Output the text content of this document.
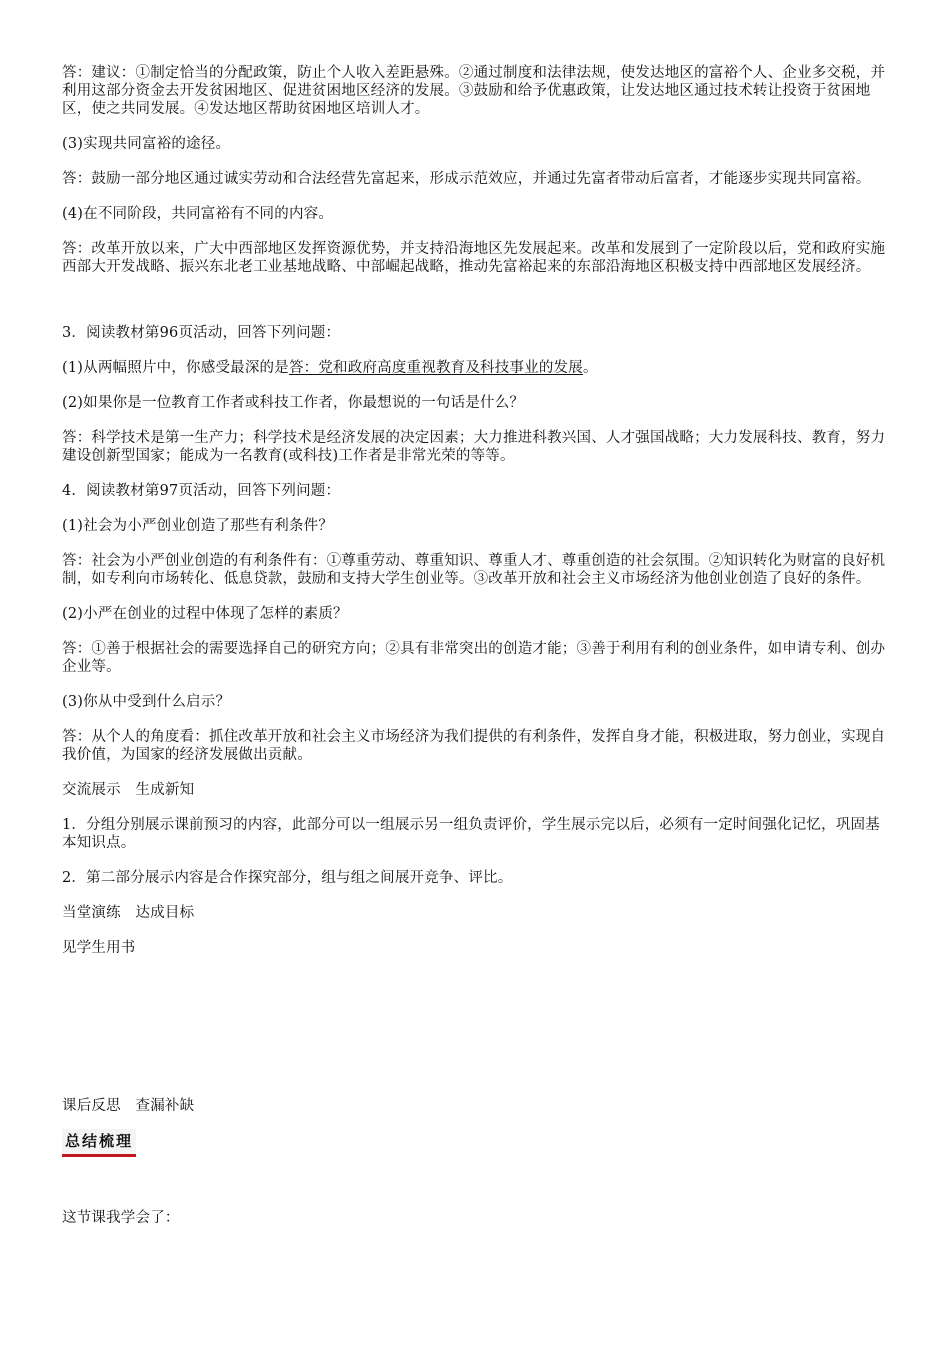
答：建议：①制定恰当的分配政策，防止个人收入差距悬殊。②通过制度和法律法规，使发达地区的富裕个人、企业多交税，并利用这部分资金去开发贫困地区、促进贫困地区经济的发展。③鼓励和给予优惠政策，让发达地区通过技术转让投资于贫困地区，使之共同发展。④发达地区帮助贫困地区培训人才。

(3)实现共同富裕的途径。

答：鼓励一部分地区通过诚实劳动和合法经营先富起来，形成示范效应，并通过先富者带动后富者，才能逐步实现共同富裕。

(4)在不同阶段，共同富裕有不同的内容。

答：改革开放以来，广大中西部地区发挥资源优势，并支持沿海地区先发展起来。改革和发展到了一定阶段以后，党和政府实施西部大开发战略、振兴东北老工业基地战略、中部崛起战略，推动先富裕起来的东部沿海地区积极支持中西部地区发展经济。

3．阅读教材第96页活动，回答下列问题：

(1)从两幅照片中，你感受最深的是答：党和政府高度重视教育及科技事业的发展。

(2)如果你是一位教育工作者或科技工作者，你最想说的一句话是什么？

答：科学技术是第一生产力；科学技术是经济发展的决定因素；大力推进科教兴国、人才强国战略；大力发展科技、教育，努力建设创新型国家；能成为一名教育(或科技)工作者是非常光荣的等等。

4．阅读教材第97页活动，回答下列问题：

(1)社会为小严创业创造了那些有利条件？

答：社会为小严创业创造的有利条件有：①尊重劳动、尊重知识、尊重人才、尊重创造的社会氛围。②知识转化为财富的良好机制，如专利向市场转化、低息贷款，鼓励和支持大学生创业等。③改革开放和社会主义市场经济为他创业创造了良好的条件。

(2)小严在创业的过程中体现了怎样的素质？

答：①善于根据社会的需要选择自己的研究方向；②具有非常突出的创造才能；③善于利用有利的创业条件，如申请专利、创办企业等。

(3)你从中受到什么启示？

答：从个人的角度看：抓住改革开放和社会主义市场经济为我们提供的有利条件，发挥自身才能，积极进取，努力创业，实现自我价值，为国家的经济发展做出贡献。

交流展示　生成新知

1．分组分别展示课前预习的内容，此部分可以一组展示另一组负责评价，学生展示完以后，必须有一定时间强化记忆，巩固基本知识点。

2．第二部分展示内容是合作探究部分，组与组之间展开竞争、评比。

当堂演练　达成目标

见学生用书

课后反思　查漏补缺

总结梳理

这节课我学会了：
